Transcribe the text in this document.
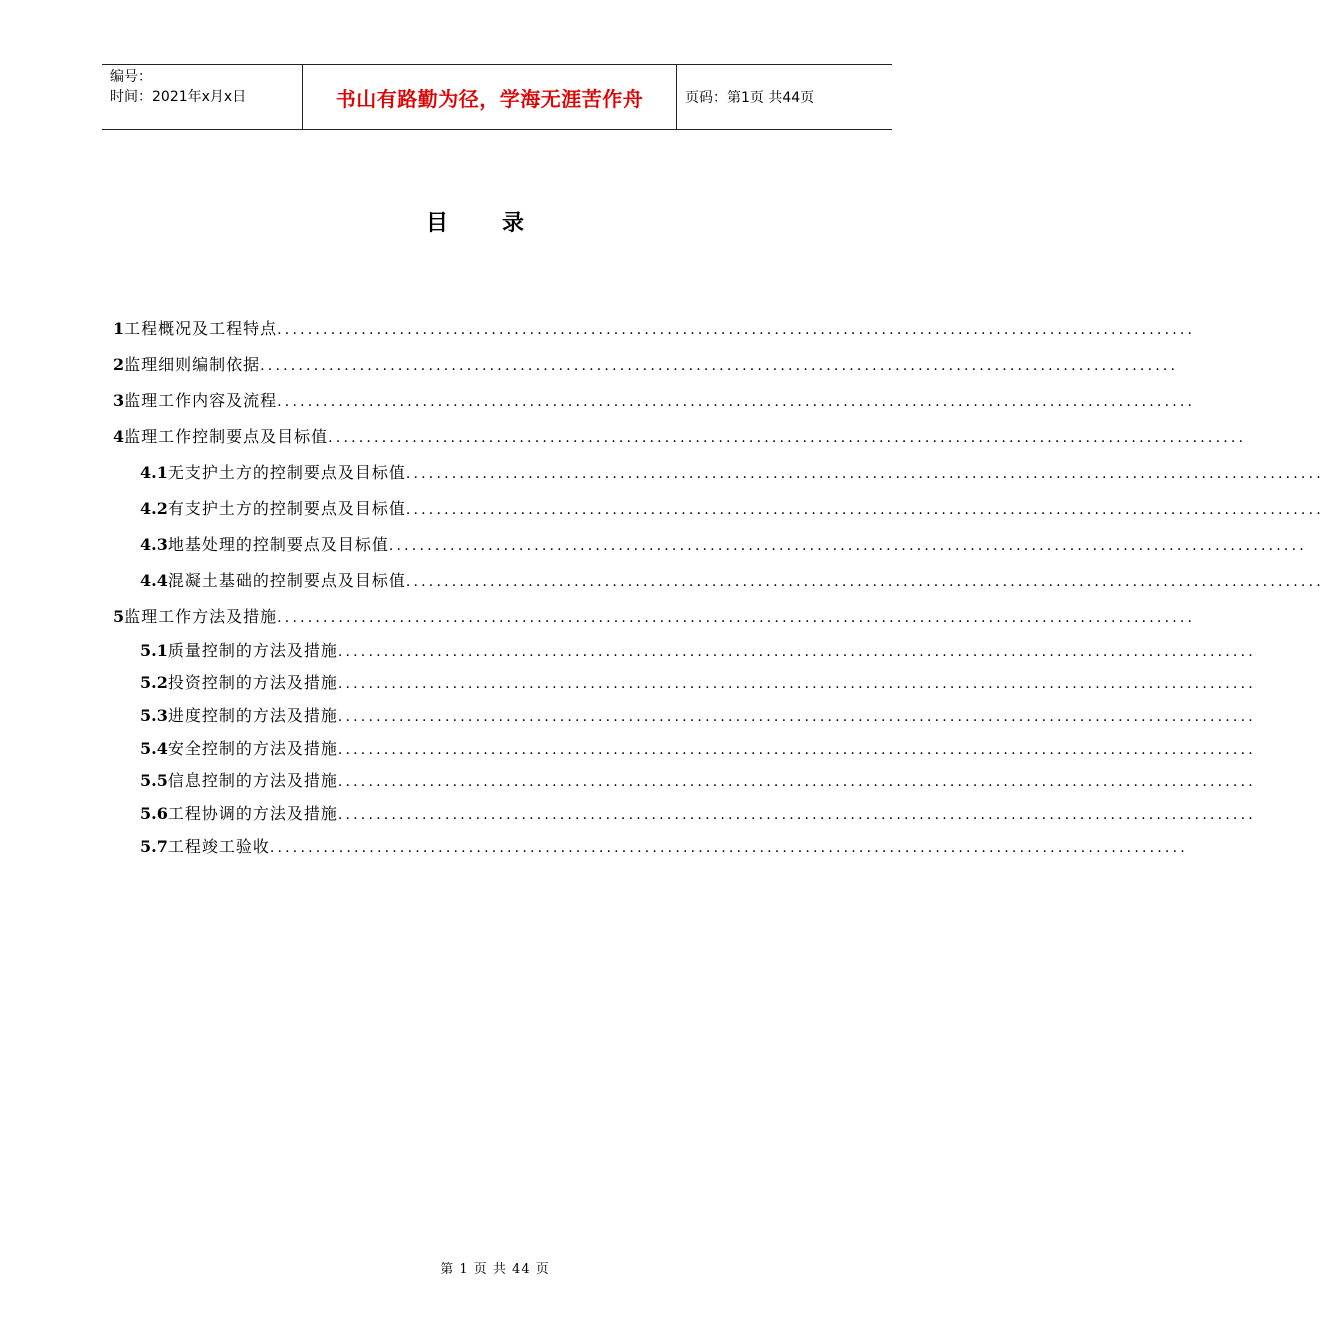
编号：
时间：2021年x月x日	书山有路勤为径，学海无涯苦作舟	页码：第1页 共44页
目 录
1 工程概况及工程特点 ........................................................................................................................
2 监理细则编制依据 ........................................................................................................................
3 监理工作内容及流程 ........................................................................................................................
4 监理工作控制要点及目标值 ........................................................................................................................
4.1 无支护土方的控制要点及目标值 ........................................................................................................................
4.2 有支护土方的控制要点及目标值 ........................................................................................................................
4.3 地基处理的控制要点及目标值 ........................................................................................................................
4.4 混凝土基础的控制要点及目标值 ........................................................................................................................
5 监理工作方法及措施 ........................................................................................................................
5.1 质量控制的方法及措施 ........................................................................................................................
5.2 投资控制的方法及措施 ........................................................................................................................
5.3 进度控制的方法及措施 ........................................................................................................................
5.4 安全控制的方法及措施 ........................................................................................................................
5.5 信息控制的方法及措施 ........................................................................................................................
5.6 工程协调的方法及措施 ........................................................................................................................
5.7 工程竣工验收 ........................................................................................................................
第 1 页 共 44 页
